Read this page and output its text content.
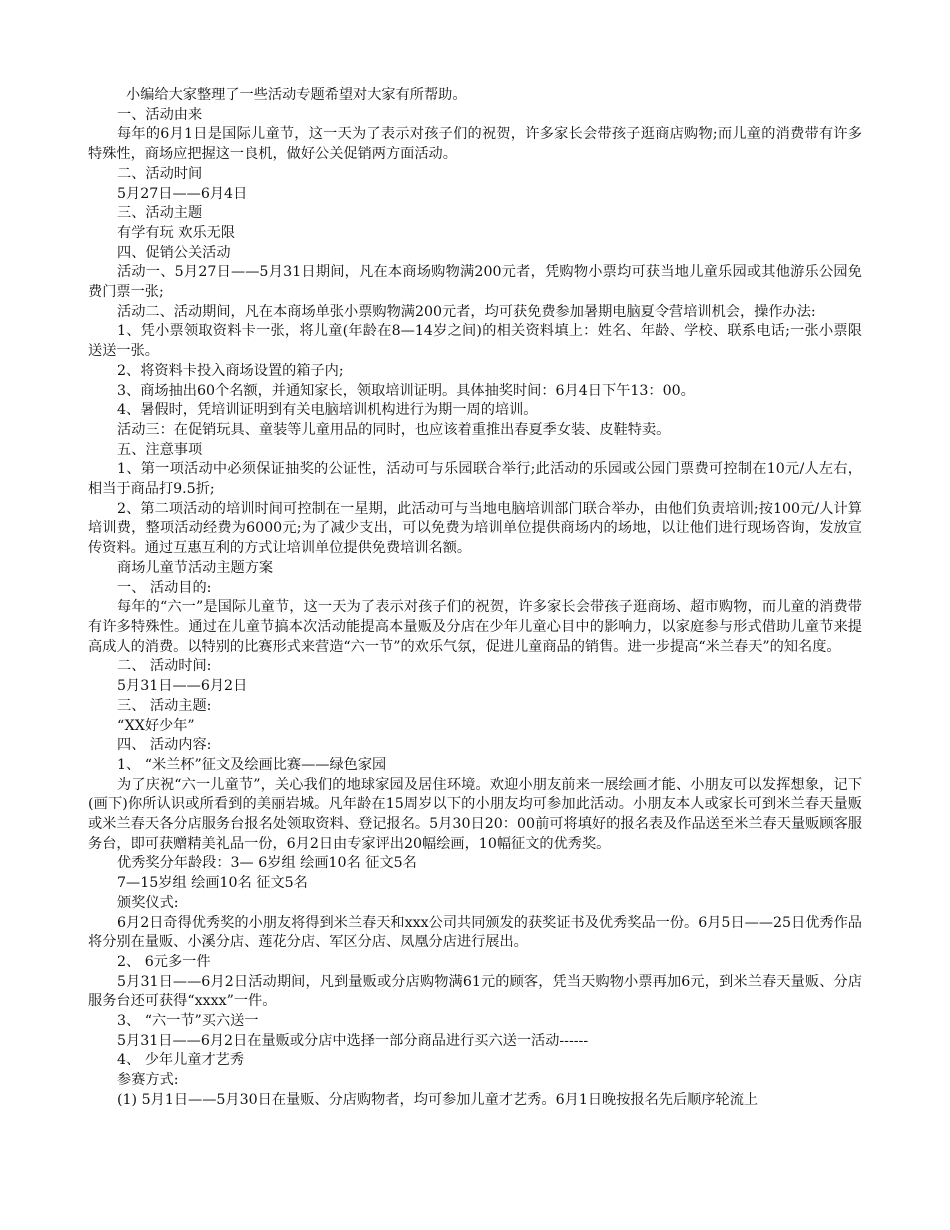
小编给大家整理了一些活动专题希望对大家有所帮助。

一、活动由来

每年的6月1日是国际儿童节，这一天为了表示对孩子们的祝贺，许多家长会带孩子逛商店购物;而儿童的消费带有许多特殊性，商场应把握这一良机，做好公关促销两方面活动。

二、活动时间

5月27日——6月4日

三、活动主题

有学有玩 欢乐无限

四、促销公关活动

活动一、5月27日——5月31日期间，凡在本商场购物满200元者，凭购物小票均可获当地儿童乐园或其他游乐公园免费门票一张;

活动二、活动期间，凡在本商场单张小票购物满200元者，均可获免费参加暑期电脑夏令营培训机会，操作办法:

1、凭小票领取资料卡一张，将儿童(年龄在8—14岁之间)的相关资料填上：姓名、年龄、学校、联系电话;一张小票限送送一张。

2、将资料卡投入商场设置的箱子内;

3、商场抽出60个名额，并通知家长，领取培训证明。具体抽奖时间：6月4日下午13：00。

4、暑假时，凭培训证明到有关电脑培训机构进行为期一周的培训。

活动三：在促销玩具、童装等儿童用品的同时，也应该着重推出春夏季女装、皮鞋特卖。

五、注意事项

1、第一项活动中必须保证抽奖的公证性，活动可与乐园联合举行;此活动的乐园或公园门票费可控制在10元/人左右，相当于商品打9.5折;

2、第二项活动的培训时间可控制在一星期，此活动可与当地电脑培训部门联合举办，由他们负责培训;按100元/人计算培训费，整项活动经费为6000元;为了减少支出，可以免费为培训单位提供商场内的场地，以让他们进行现场咨询，发放宣传资料。通过互惠互利的方式让培训单位提供免费培训名额。

商场儿童节活动主题方案

一、 活动目的:

每年的“六一”是国际儿童节，这一天为了表示对孩子们的祝贺，许多家长会带孩子逛商场、超市购物，而儿童的消费带有许多特殊性。通过在儿童节搞本次活动能提高本量贩及分店在少年儿童心目中的影响力，以家庭参与形式借助儿童节来提高成人的消费。以特别的比赛形式来营造“六一节”的欢乐气氛，促进儿童商品的销售。进一步提高“米兰春天”的知名度。

二、 活动时间:

5月31日——6月2日

三、 活动主题:

“XX好少年”

四、 活动内容:

1、 “米兰杯”征文及绘画比赛——绿色家园

为了庆祝“六一儿童节”，关心我们的地球家园及居住环境。欢迎小朋友前来一展绘画才能、小朋友可以发挥想象，记下(画下)你所认识或所看到的美丽岩城。凡年龄在15周岁以下的小朋友均可参加此活动。小朋友本人或家长可到米兰春天量贩或米兰春天各分店服务台报名处领取资料、登记报名。5月30日20：00前可将填好的报名表及作品送至米兰春天量贩顾客服务台，即可获赠精美礼品一份，6月2日由专家评出20幅绘画，10幅征文的优秀奖。

优秀奖分年龄段：3— 6岁组 绘画10名 征文5名

7—15岁组 绘画10名 征文5名

颁奖仪式:

6月2日奇得优秀奖的小朋友将得到米兰春天和xxx公司共同颁发的获奖证书及优秀奖品一份。6月5日——25日优秀作品将分别在量贩、小溪分店、莲花分店、军区分店、凤凰分店进行展出。

2、 6元多一件

5月31日——6月2日活动期间，凡到量贩或分店购物满61元的顾客，凭当天购物小票再加6元，到米兰春天量贩、分店服务台还可获得“xxxx”一件。

3、 “六一节”买六送一

5月31日——6月2日在量贩或分店中选择一部分商品进行买六送一活动------

4、 少年儿童才艺秀

参赛方式:

(1) 5月1日——5月30日在量贩、分店购物者，均可参加儿童才艺秀。6月1日晚按报名先后顺序轮流上
